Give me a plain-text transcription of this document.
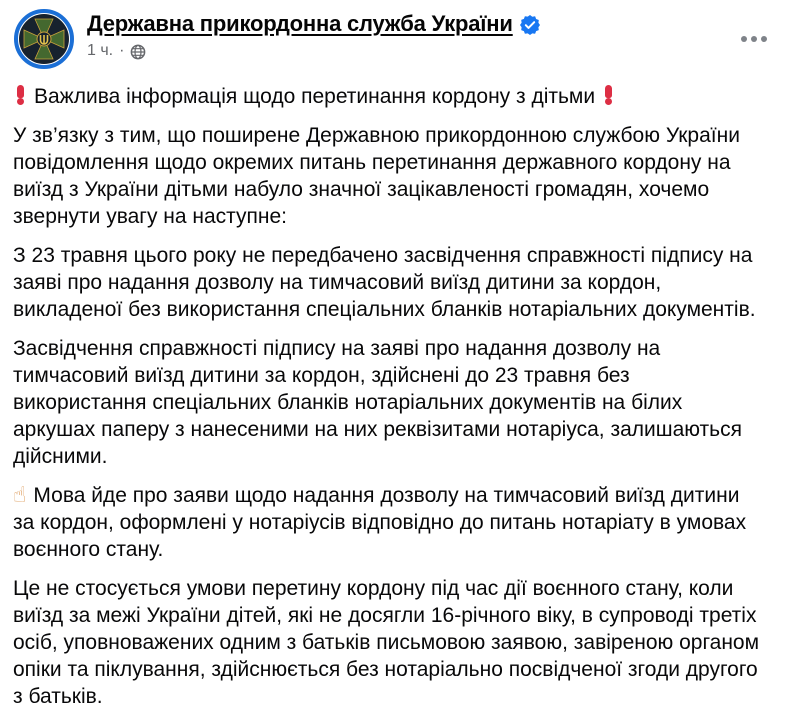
Державна прикордонна служба України
1 ч. ·

Важлива інформація щодо перетинання кордону з дітьми

У зв’язку з тим, що поширене Державною прикордонною службою України повідомлення щодо окремих питань перетинання державного кордону на виїзд з України дітьми набуло значної зацікавленості громадян, хочемо звернути увагу на наступне:

З 23 травня цього року не передбачено засвідчення справжності підпису на заяві про надання дозволу на тимчасовий виїзд дитини за кордон, викладеної без використання спеціальних бланків нотаріальних документів.

Засвідчення справжності підпису на заяві про надання дозволу на тимчасовий виїзд дитини за кордон, здійснені до 23 травня без використання спеціальних бланків нотаріальних документів на білих аркушах паперу з нанесеними на них реквізитами нотаріуса, залишаються дійсними.

☝ Мова йде про заяви щодо надання дозволу на тимчасовий виїзд дитини за кордон, оформлені у нотаріусів відповідно до питань нотаріату в умовах воєнного стану.

Це не стосується умови перетину кордону під час дії воєнного стану, коли виїзд за межі України дітей, які не досягли 16-річного віку, в супроводі третіх осіб, уповноважених одним з батьків письмовою заявою, завіреною органом опіки та піклування, здійснюється без нотаріально посвідченої згоди другого з батьків.
